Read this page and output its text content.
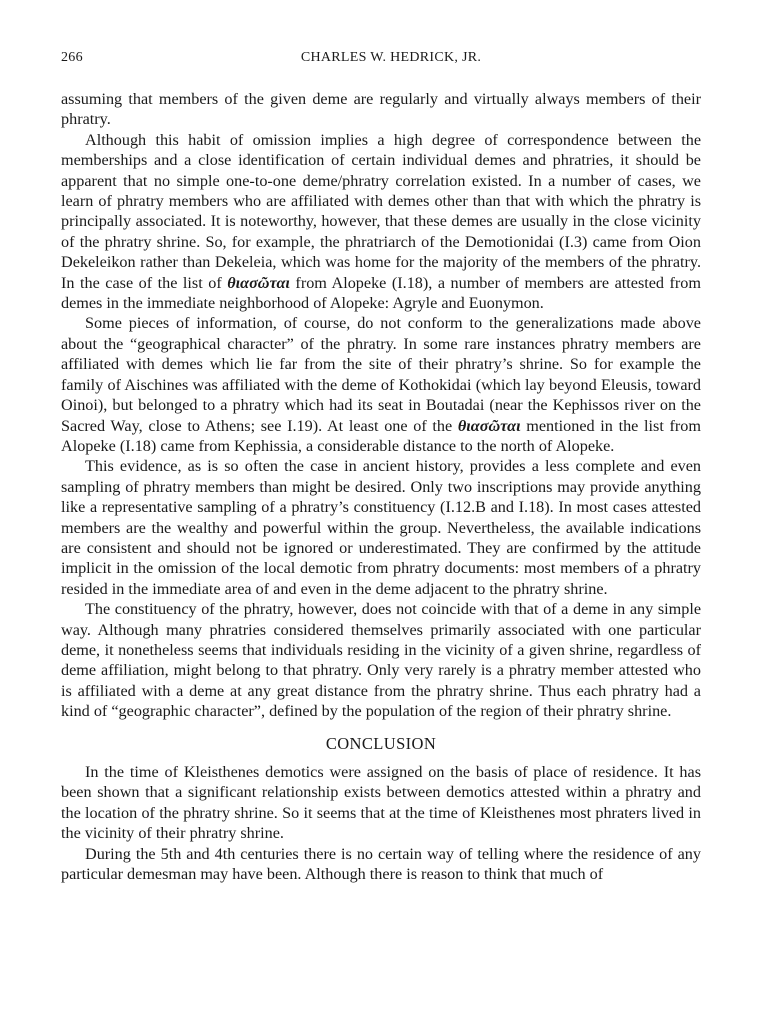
266	CHARLES W. HEDRICK, JR.

assuming that members of the given deme are regularly and virtually always members of their phratry.

Although this habit of omission implies a high degree of correspondence between the memberships and a close identification of certain individual demes and phratries, it should be apparent that no simple one-to-one deme/phratry correlation existed. In a number of cases, we learn of phratry members who are affiliated with demes other than that with which the phratry is principally associated. It is noteworthy, however, that these demes are usually in the close vicinity of the phratry shrine. So, for example, the phratriarch of the Demotionidai (I.3) came from Oion Dekeleikon rather than Dekeleia, which was home for the majority of the members of the phratry. In the case of the list of θιασῶται from Alopeke (I.18), a number of members are attested from demes in the immediate neighborhood of Alopeke: Agryle and Euonymon.

Some pieces of information, of course, do not conform to the generalizations made above about the “geographical character” of the phratry. In some rare instances phratry members are affiliated with demes which lie far from the site of their phratry’s shrine. So for example the family of Aischines was affiliated with the deme of Kothokidai (which lay beyond Eleusis, toward Oinoi), but belonged to a phratry which had its seat in Boutadai (near the Kephissos river on the Sacred Way, close to Athens; see I.19). At least one of the θιασῶται mentioned in the list from Alopeke (I.18) came from Kephissia, a considerable distance to the north of Alopeke.

This evidence, as is so often the case in ancient history, provides a less complete and even sampling of phratry members than might be desired. Only two inscriptions may provide anything like a representative sampling of a phratry’s constituency (I.12.B and I.18). In most cases attested members are the wealthy and powerful within the group. Nevertheless, the available indications are consistent and should not be ignored or underestimated. They are confirmed by the attitude implicit in the omission of the local demotic from phratry documents: most members of a phratry resided in the immediate area of and even in the deme adjacent to the phratry shrine.

The constituency of the phratry, however, does not coincide with that of a deme in any simple way. Although many phratries considered themselves primarily associated with one particular deme, it nonetheless seems that individuals residing in the vicinity of a given shrine, regardless of deme affiliation, might belong to that phratry. Only very rarely is a phratry member attested who is affiliated with a deme at any great distance from the phratry shrine. Thus each phratry had a kind of “geographic character”, defined by the population of the region of their phratry shrine.

CONCLUSION

In the time of Kleisthenes demotics were assigned on the basis of place of residence. It has been shown that a significant relationship exists between demotics attested within a phratry and the location of the phratry shrine. So it seems that at the time of Kleisthenes most phraters lived in the vicinity of their phratry shrine.

During the 5th and 4th centuries there is no certain way of telling where the residence of any particular demesman may have been. Although there is reason to think that much of
